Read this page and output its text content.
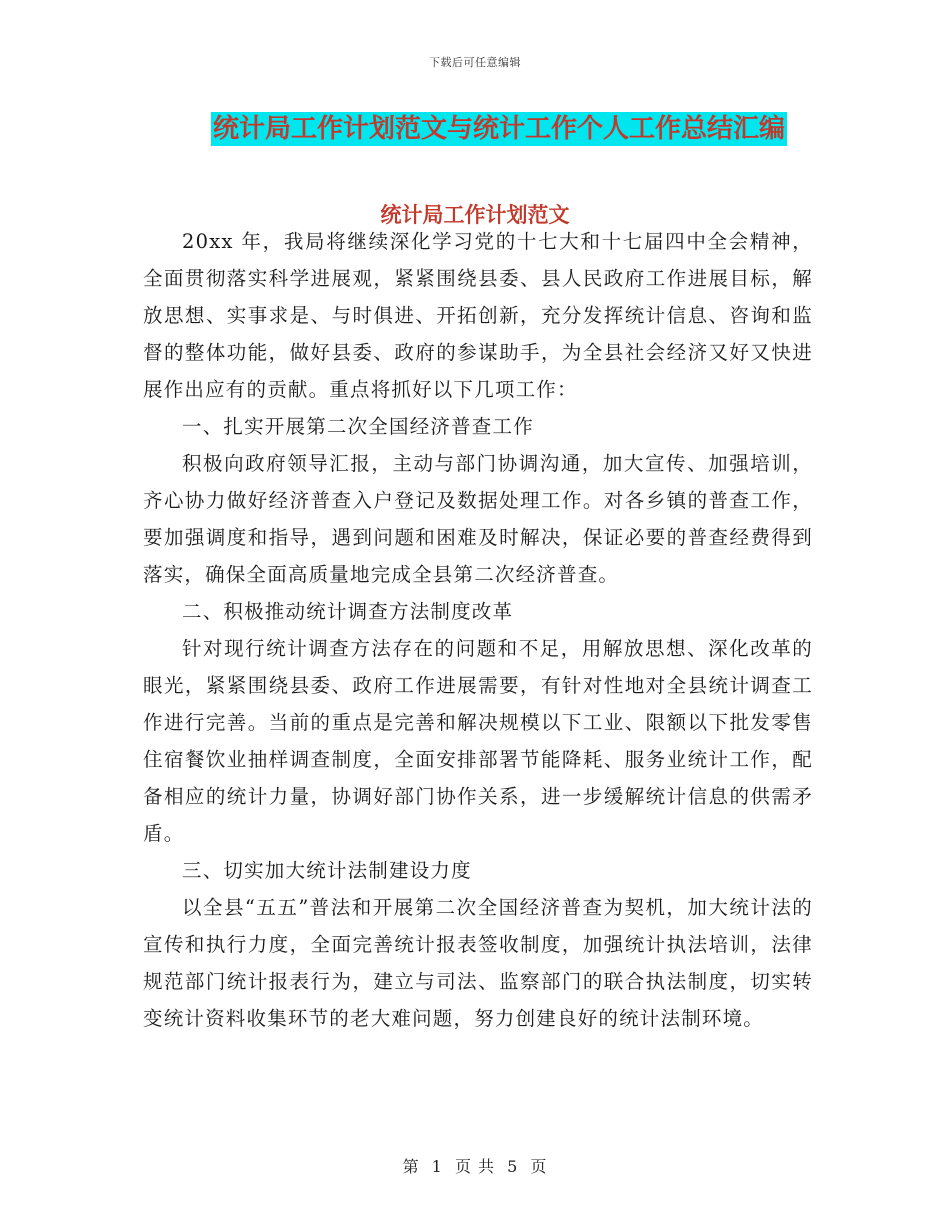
下载后可任意编辑
统计局工作计划范文与统计工作个人工作总结汇编
统计局工作计划范文

20xx 年，我局将继续深化学习党的十七大和十七届四中全会精神，全面贯彻落实科学进展观，紧紧围绕县委、县人民政府工作进展目标，解放思想、实事求是、与时俱进、开拓创新，充分发挥统计信息、咨询和监督的整体功能，做好县委、政府的参谋助手，为全县社会经济又好又快进展作出应有的贡献。重点将抓好以下几项工作：

一、扎实开展第二次全国经济普查工作

积极向政府领导汇报，主动与部门协调沟通，加大宣传、加强培训，齐心协力做好经济普查入户登记及数据处理工作。对各乡镇的普查工作，要加强调度和指导，遇到问题和困难及时解决，保证必要的普查经费得到落实，确保全面高质量地完成全县第二次经济普查。

二、积极推动统计调查方法制度改革

针对现行统计调查方法存在的问题和不足，用解放思想、深化改革的眼光，紧紧围绕县委、政府工作进展需要，有针对性地对全县统计调查工作进行完善。当前的重点是完善和解决规模以下工业、限额以下批发零售住宿餐饮业抽样调查制度，全面安排部署节能降耗、服务业统计工作，配备相应的统计力量，协调好部门协作关系，进一步缓解统计信息的供需矛盾。

三、切实加大统计法制建设力度

以全县“五五”普法和开展第二次全国经济普查为契机，加大统计法的宣传和执行力度，全面完善统计报表签收制度，加强统计执法培训，法律规范部门统计报表行为，建立与司法、监察部门的联合执法制度，切实转变统计资料收集环节的老大难问题，努力创建良好的统计法制环境。

第 1 页 共 5 页
